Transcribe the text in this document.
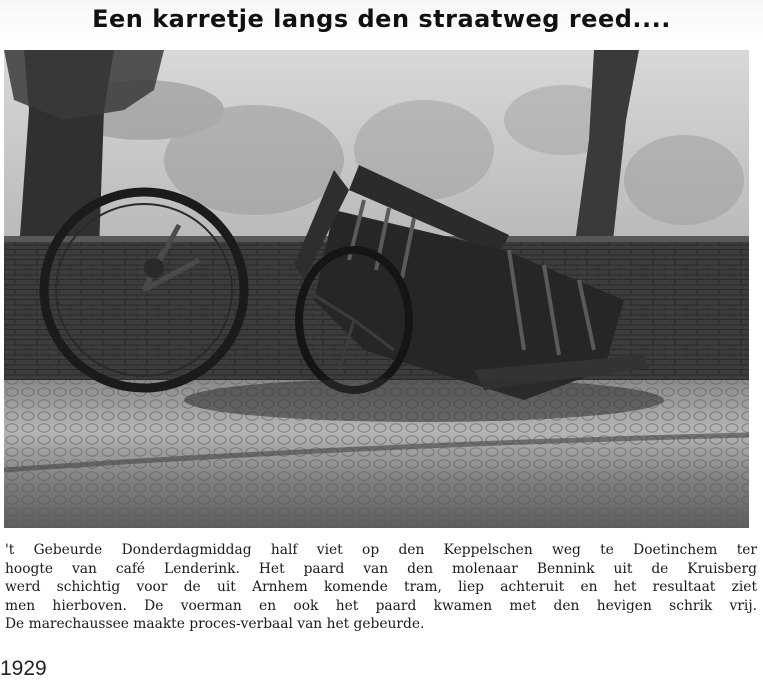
Een karretje langs den straatweg reed....

't Gebeurde Donderdagmiddag half viet op den Keppelschen weg te Doetinchem ter
hoogte van café Lenderink. Het paard van den molenaar Bennink uit de Kruisberg
werd schichtig voor de uit Arnhem komende tram, liep achteruit en het resultaat ziet
men hierboven. De voerman en ook het paard kwamen met den hevigen schrik vrij.
De marechaussee maakte proces-verbaal van het gebeurde.

1929
